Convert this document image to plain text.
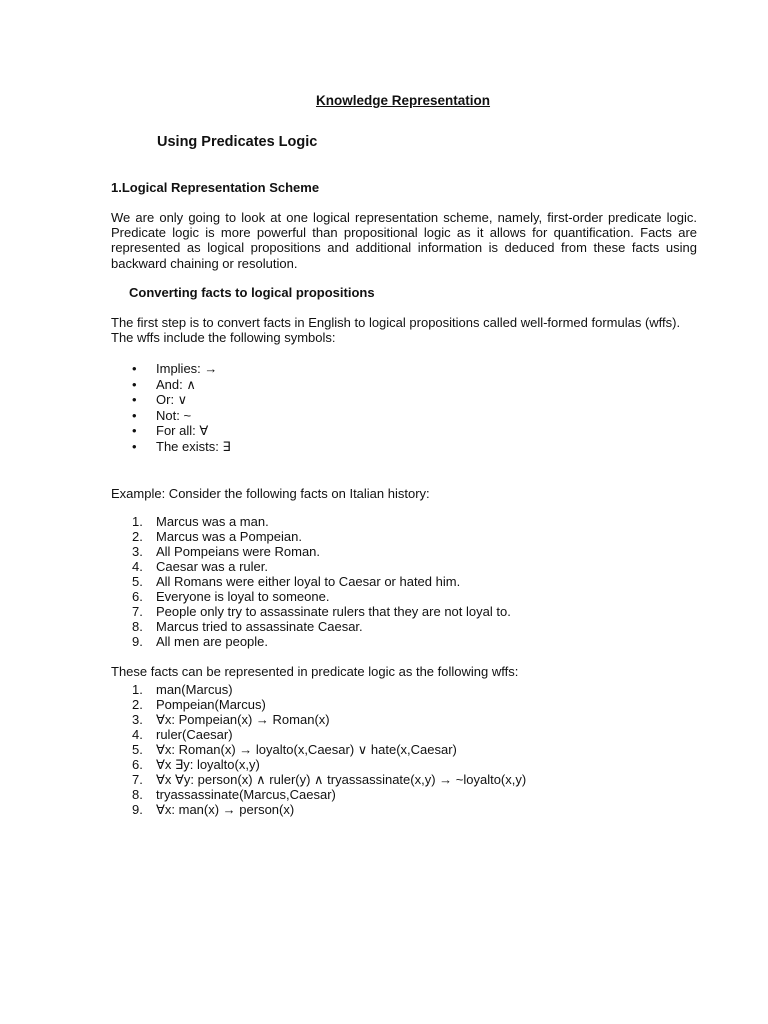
Knowledge Representation
Using Predicates Logic
1.Logical Representation Scheme
We are only going to look at one logical representation scheme, namely, first-order predicate logic. Predicate logic is more powerful than propositional logic as it allows for quantification. Facts are represented as logical propositions and additional information is deduced from these facts using backward chaining or resolution.
Converting facts to logical propositions
The first step is to convert facts in English to logical propositions called well-formed formulas (wffs). The wffs include the following symbols:
• Implies: →
• And: ∧
• Or: ∨
• Not: ~
• For all: ∀
• The exists: ∃
Example: Consider the following facts on Italian history:
1. Marcus was a man.
2. Marcus was a Pompeian.
3. All Pompeians were Roman.
4. Caesar was a ruler.
5. All Romans were either loyal to Caesar or hated him.
6. Everyone is loyal to someone.
7. People only try to assassinate rulers that they are not loyal to.
8. Marcus tried to assassinate Caesar.
9. All men are people.
These facts can be represented in predicate logic as the following wffs:
1. man(Marcus)
2. Pompeian(Marcus)
3. ∀x: Pompeian(x) → Roman(x)
4. ruler(Caesar)
5. ∀x: Roman(x) → loyalto(x,Caesar) ∨ hate(x,Caesar)
6. ∀x ∃y: loyalto(x,y)
7. ∀x ∀y: person(x) ∧ ruler(y) ∧ tryassassinate(x,y) → ~loyalto(x,y)
8. tryassassinate(Marcus,Caesar)
9. ∀x: man(x) → person(x)
